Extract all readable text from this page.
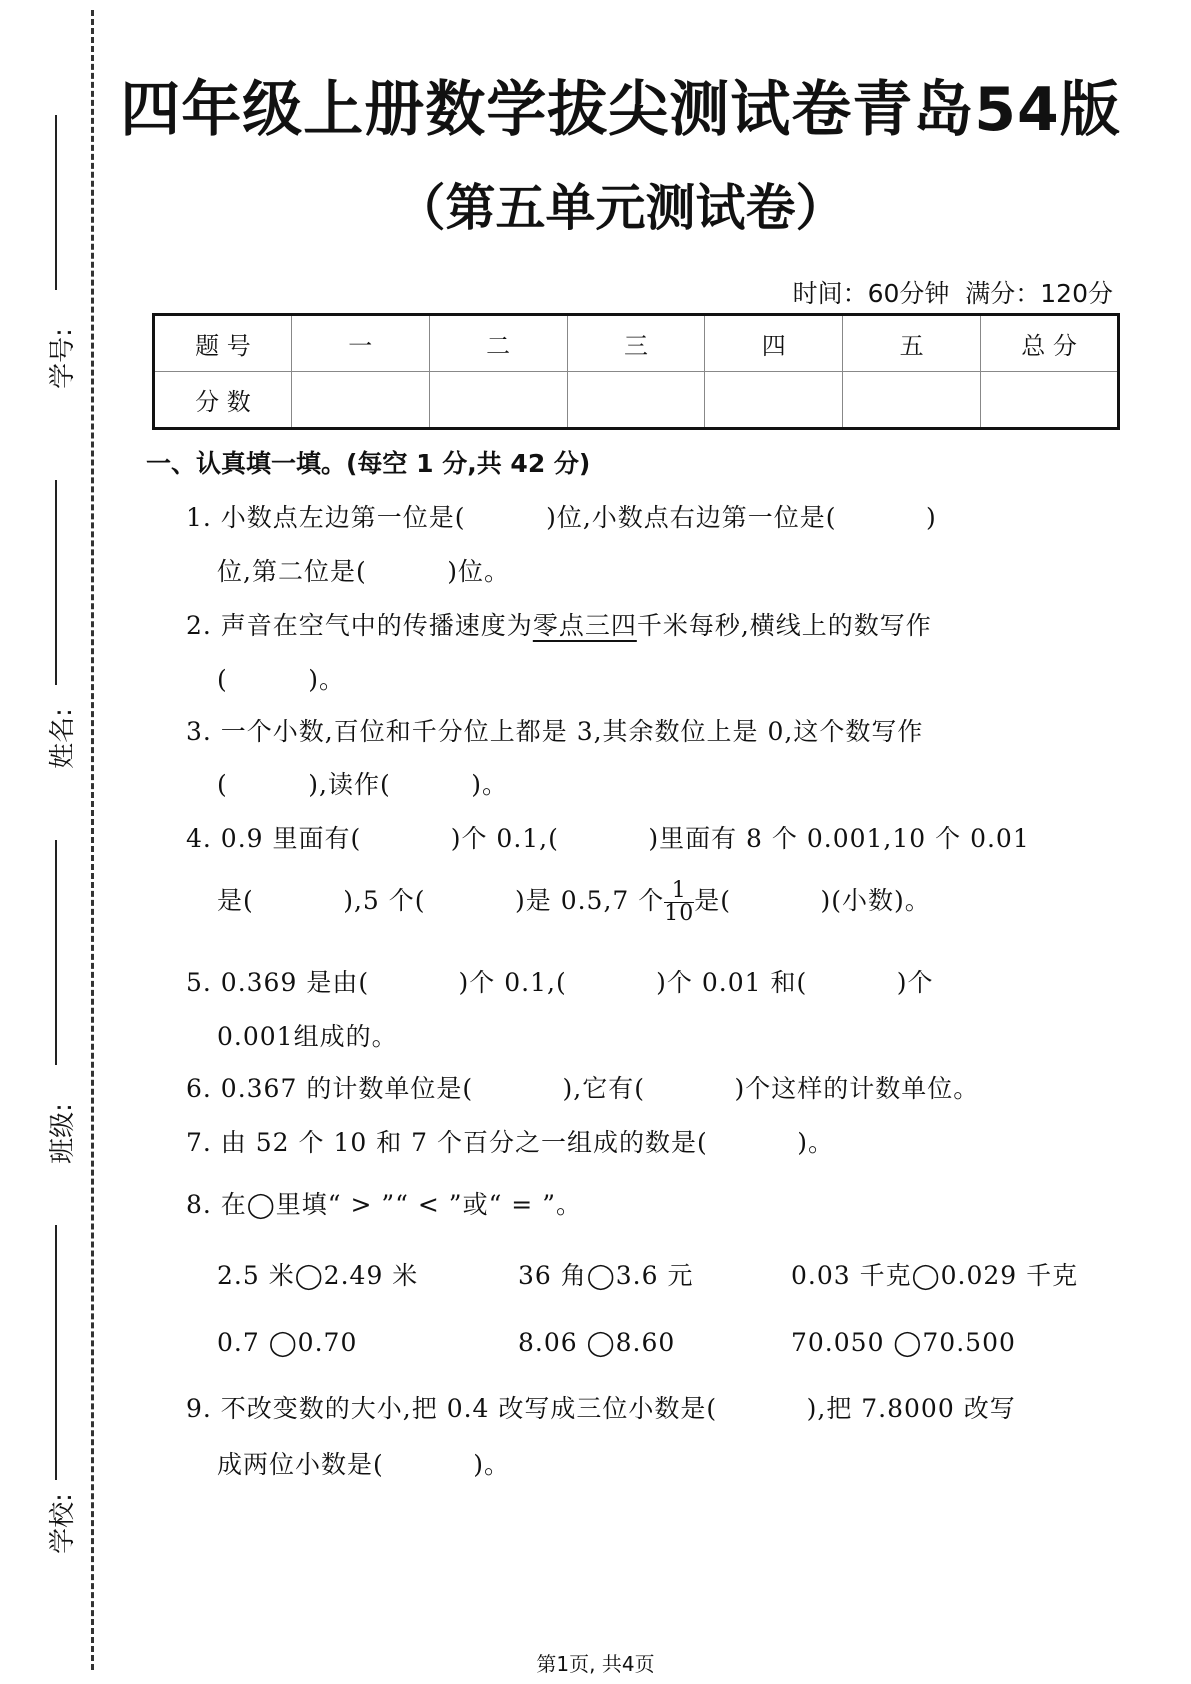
学号:
姓名:
班级:
学校:
四年级上册数学拔尖测试卷青岛54版
（第五单元测试卷）
时间：60分钟  满分：120分
题 号	一	二	三	四	五	总 分
分 数						
一、认真填一填。(每空 1 分,共 42 分)
1. 小数点左边第一位是(         )位,小数点右边第一位是(          )
位,第二位是(         )位。
2. 声音在空气中的传播速度为零点三四千米每秒,横线上的数写作
(         )。
3. 一个小数,百位和千分位上都是 3,其余数位上是 0,这个数写作
(         ),读作(         )。
4. 0.9 里面有(          )个 0.1,(          )里面有 8 个 0.001,10 个 0.01
是(          ),5 个(          )是 0.5,7 个 $\frac{1}{10}$ 是(          )(小数)。
5. 0.369 是由(          )个 0.1,(          )个 0.01 和(          )个
0.001组成的。
6. 0.367 的计数单位是(          ),它有(          )个这样的计数单位。
7. 由 52 个 10 和 7 个百分之一组成的数是(          )。
8. 在◯里填“ > ”“ < ”或“ = ”。
2.5 米◯2.49 米	36 角◯3.6 元	0.03 千克◯0.029 千克
0.7 ◯0.70	8.06 ◯8.60	70.050 ◯70.500
9. 不改变数的大小,把 0.4 改写成三位小数是(          ),把 7.8000 改写
成两位小数是(          )。
第1页, 共4页
